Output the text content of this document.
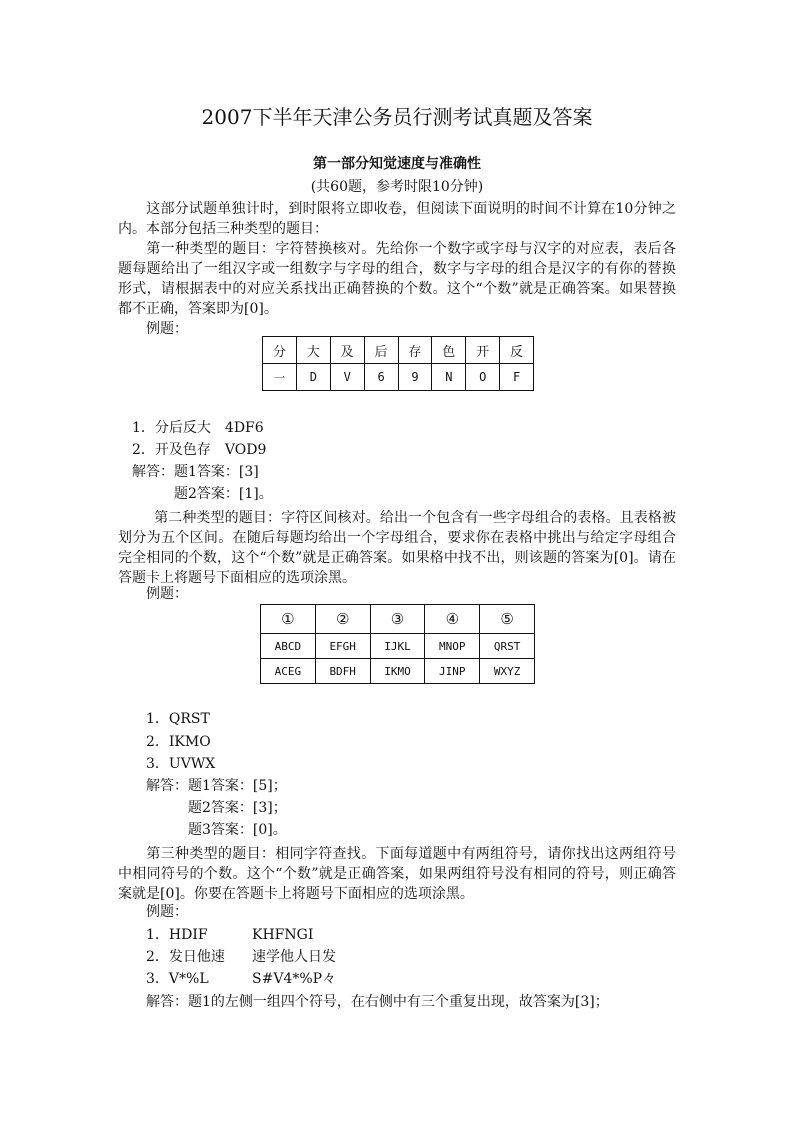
2007下半年天津公务员行测考试真题及答案
第一部分知觉速度与准确性
(共60题，参考时限10分钟)
这部分试题单独计时，到时限将立即收卷，但阅读下面说明的时间不计算在10分钟之内。本部分包括三种类型的题目：
第一种类型的题目：字符替换核对。先给你一个数字或字母与汉字的对应表，表后各题每题给出了一组汉字或一组数字与字母的组合，数字与字母的组合是汉字的有你的替换形式，请根据表中的对应关系找出正确替换的个数。这个“个数”就是正确答案。如果替换都不正确，答案即为[0]。
例题：
分	大	及	后	存	色	开	反
一	D	V	6	9	N	O	F
1．分后反大　4DF6
2．开及色存　VOD9
解答：题1答案：[3]
题2答案：[1]。
第二种类型的题目：字符区间核对。给出一个包含有一些字母组合的表格。且表格被划分为五个区间。在随后每题均给出一个字母组合，要求你在表格中挑出与给定字母组合完全相同的个数，这个“个数”就是正确答案。如果格中找不出，则该题的答案为[0]。请在答题卡上将题号下面相应的选项涂黑。
例题：
①	②	③	④	⑤
ABCD	EFGH	IJKL	MNOP	QRST
ACEG	BDFH	IKMO	JINP	WXYZ
1．QRST
2．IKMO
3．UVWX
解答：题1答案：[5]；
题2答案：[3]；
题3答案：[0]。
第三种类型的题目：相同字符查找。下面每道题中有两组符号，请你找出这两组符号中相同符号的个数。这个“个数”就是正确答案，如果两组符号没有相同的符号，则正确答案就是[0]。你要在答题卡上将题号下面相应的选项涂黑。
例题：
1．HDIF	KHFNGI
2．发日他速 速学他人日发
3．V*%L	S#V4*%P々
解答：题1的左侧一组四个符号，在右侧中有三个重复出现，故答案为[3]；
